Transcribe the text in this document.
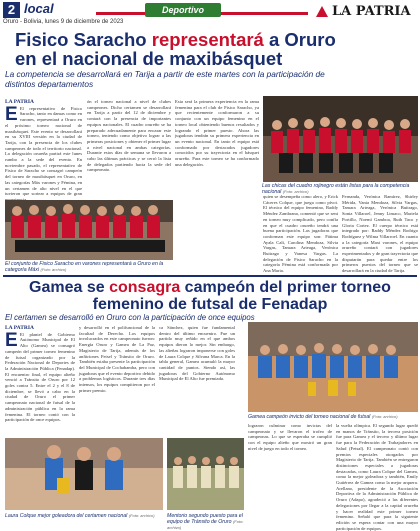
2 local
Oruro - Bolivia, lunes 9 de diciembre de 2023
Deportivo	LA PATRIA
Fisico Saracho representará a Oruro en el nacional de maxibásquet
La competencia se desarrollará en Tarija a partir de este martes con la participación de distintos departamentos
Las chicas del cuadro rojinegro están listas para la competencia nacional (Foto: archivo)
LA PATRIA

E El representativo de Fisico Saracho, tanto en damas como en varones, representará a Oruro en el próximo torneo nacional de maxibásquet. Este evento se desarrollará en su XVIII versión en la ciudad de Tarija, con la presencia de los clubes campeones de todo el territorio nacional. La delegación orureña partirá este lunes rumbo a la sede del evento. En noviembre pasado, el representativo de Fisico de Saracho se consagró campeón del torneo de maxibásquet en Oruro, en las categorías Máx varones y Fémina, en un certamen de alto nivel en el que tuvieron que sortear a equipos de gran
ón el torneo nacional a nivel de clubes campeones. Dicho certamen se desarrollará en Tarija a partir del 12 de diciembre y contará con la presencia de importantes equipos nacionales. El cuadro orureño se ha preparado adecuadamente para encarar este torneo, teniendo como objetivo lograr a las primeras posiciones y obtener el primer lugar a nivel nacional en ambas categorías. Durante estos días de semana se llevaron a cabo las últimas prácticas y se cerró la lista de delegados partiendo hacia la sede del campeonato.
Esta será la primera experiencia en la rama femenina para el club de Fisico Saracho, ya que recientemente conformaron a su conjunto con un equipo femenino en el torneo local obteniendo buenos resultados y logrando el primer puesto. Ahora las jugadoras tendrán su primera experiencia en un evento nacional. En tanto el equipo está conformado por destacados jugadores conocidos por su trayectoria en el básquet orureño. Para este torneo se ha conformado una delegación.
El conjunto de Fisico Saracho en varones representará a Oruro en la categoría Máxi (Foto: archivo)
quien se desempeña como alero, y Erick Cáceres Colque, que juega como pívot. El técnico del equipo femenino, Raddy Méndez Zambrana, comentó que se sent en torneo muy complicado, pero confía en que el cuadro orureño tendrá una buena participación. Las jugadoras que conforman este equipo son: Fátima Ayala Cali, Carolina Mendoza, Silvia Vargas, Tamara Arteaga, Verónica Buitrago y Vanesa Vargas. La delegación de Fisico Saracho en la categoría Fémina está conformada por Ana Maria.
Fernanda, Verónica Ramírez, Shirley Mérida, Vania Mendoza, Silvia Vargas, Tamara Arteaga, Verónica Buitrago, Sonia Villaroel, Jenny Limaco, Mariela Portillo, Noemí Gamboa, Ruth Taco y Gloria Cortez. El cuerpo técnico está integrado por: Raddy Méndez Rodrigo Rodríguez y Wilma Villarroel. En cuanto a la categoría Maxi varones, el equipo orureño contará con jugadores experimentados y de gran trayectoria que disputarán para quedar entre los primeros puestos del torneo que se desarrollará en la ciudad de Tarija.
Gamea se consagra campeón del primer torneo femenino de futsal de Fenadap
El certamen se desarrolló en Oruro con la participación de once equipos
LA PATRIA

E El plantel de Gobierno Autónomo Municipal de El Alto (Gamea) se consagró campeón del primer torneo femenino de futsal organizado por la Federación Nacional de Deportes de la Administración Pública (Fenadap). El encuentro final, el equipo alteño venció a Tránsito de Oruro por 12 goles contra 5. Entre el 2 y el 8 de diciembre, se llevó a cabo en la ciudad de Oruro el primer campeonato nacional de futsal de la administración pública en la rama femenina. El torneo contó con la participación de once equipos.
y desarrolló en el polifuncional de la facultad de Derecho. Los equipos involucrados en este campeonato fueron: Energía Oruro y Gamea de La Paz, Magisterio de Tarija, además de los anfitriones Fetsel y Tránsito de Oruro. También estaba presente la participación del Municipal de Cochabamba, pero con jugadoras que el evento deportivo debido a problemas logísticos. Durante tres días intensos, los equipos compitieron por el primer premio.
ca Sánchez, quien fue fundamental dentro del último encuentro. Fue un partido muy reñido en el que ambos equipos dieron lo mejor. Sin embargo, las alteñas lograron imponerse con goles de Laura Colque y Silvana Marca. En la tabla general, Gamea acumuló la mayor cantidad de puntos. Siendo así, las jugadoras del Gobierno Autónomo Municipal de El Alto fue premiada.
Gamea campeón invicto del torneo nacional de futsal (Foto: archivo)
lograron culminar como invictas del campeonato y se llevaron el trofeo de campeonas. Lo que se esperaba se cumplió con el equipo alteño que mostró un gran nivel de juego en todo el torneo.
la vuelta olímpica. El segundo lugar quedó en manos de Tránsito, la tercera posición fue para Gamea y el tercero y último lugar fue para la Federación de Trabajadores en Salud (Fetsal). El campeonato contó con premios especiales otorgados por Magisterio de Tarija. También se entregaron distinciones especiales a jugadoras destacadas, como Laura Colque del Gamea, como la mejor goleadora y también, Emily Gutiérrez de Gamea como la mejor arquera. Arellano, presidente de la Asociación Deportiva de la Administración Pública de Oruro (Adapo), agradeció a las diferentes delegaciones por llegar a la capital orureña y hacer realidad este primer torneo femenino. Señaló que para la siguiente edición se espera contar con una mayor participación de equipos.
Laura Colque mejor goleadora del certamen nacional (Foto: archivo)	Mentorio segundo puesto para el equipo de Tránsito de Oruro (Foto: archivo)
